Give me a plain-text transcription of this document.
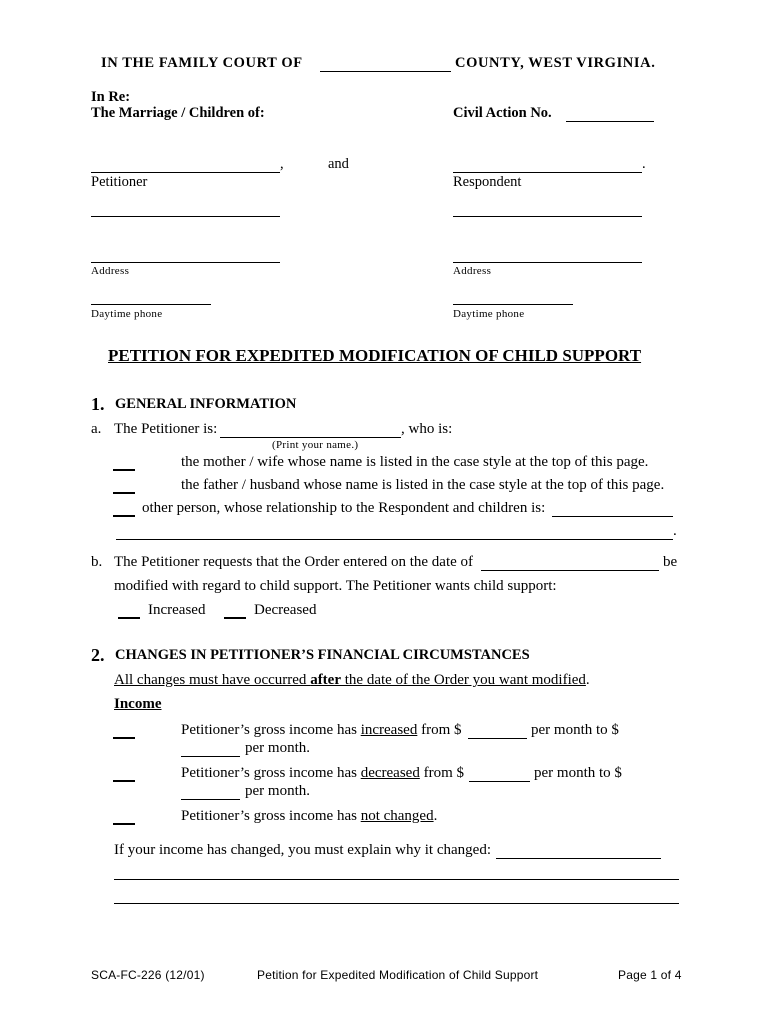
IN THE FAMILY COURT OF	COUNTY, WEST VIRGINIA.
In Re:
The Marriage / Children of:	Civil Action No.
,	and	.
Petitioner	Respondent
Address	Address
Daytime phone	Daytime phone
PETITION FOR EXPEDITED MODIFICATION OF CHILD SUPPORT
1. GENERAL INFORMATION
a. The Petitioner is:	, who is:
(Print your name.)
the mother / wife whose name is listed in the case style at the top of this page.
the father / husband whose name is listed in the case style at the top of this page.
other person, whose relationship to the Respondent and children is:
.
b. The Petitioner requests that the Order entered on the date of	be
modified with regard to child support. The Petitioner wants child support:
Increased	Decreased
2. CHANGES IN PETITIONER’S FINANCIAL CIRCUMSTANCES
All changes must have occurred after the date of the Order you want modified.
Income
Petitioner’s gross income has increased from $	per month to $
per month.
Petitioner’s gross income has decreased from $	per month to $
per month.
Petitioner’s gross income has not changed.
If your income has changed, you must explain why it changed:
SCA-FC-226 (12/01)	Petition for Expedited Modification of Child Support	Page 1 of 4
